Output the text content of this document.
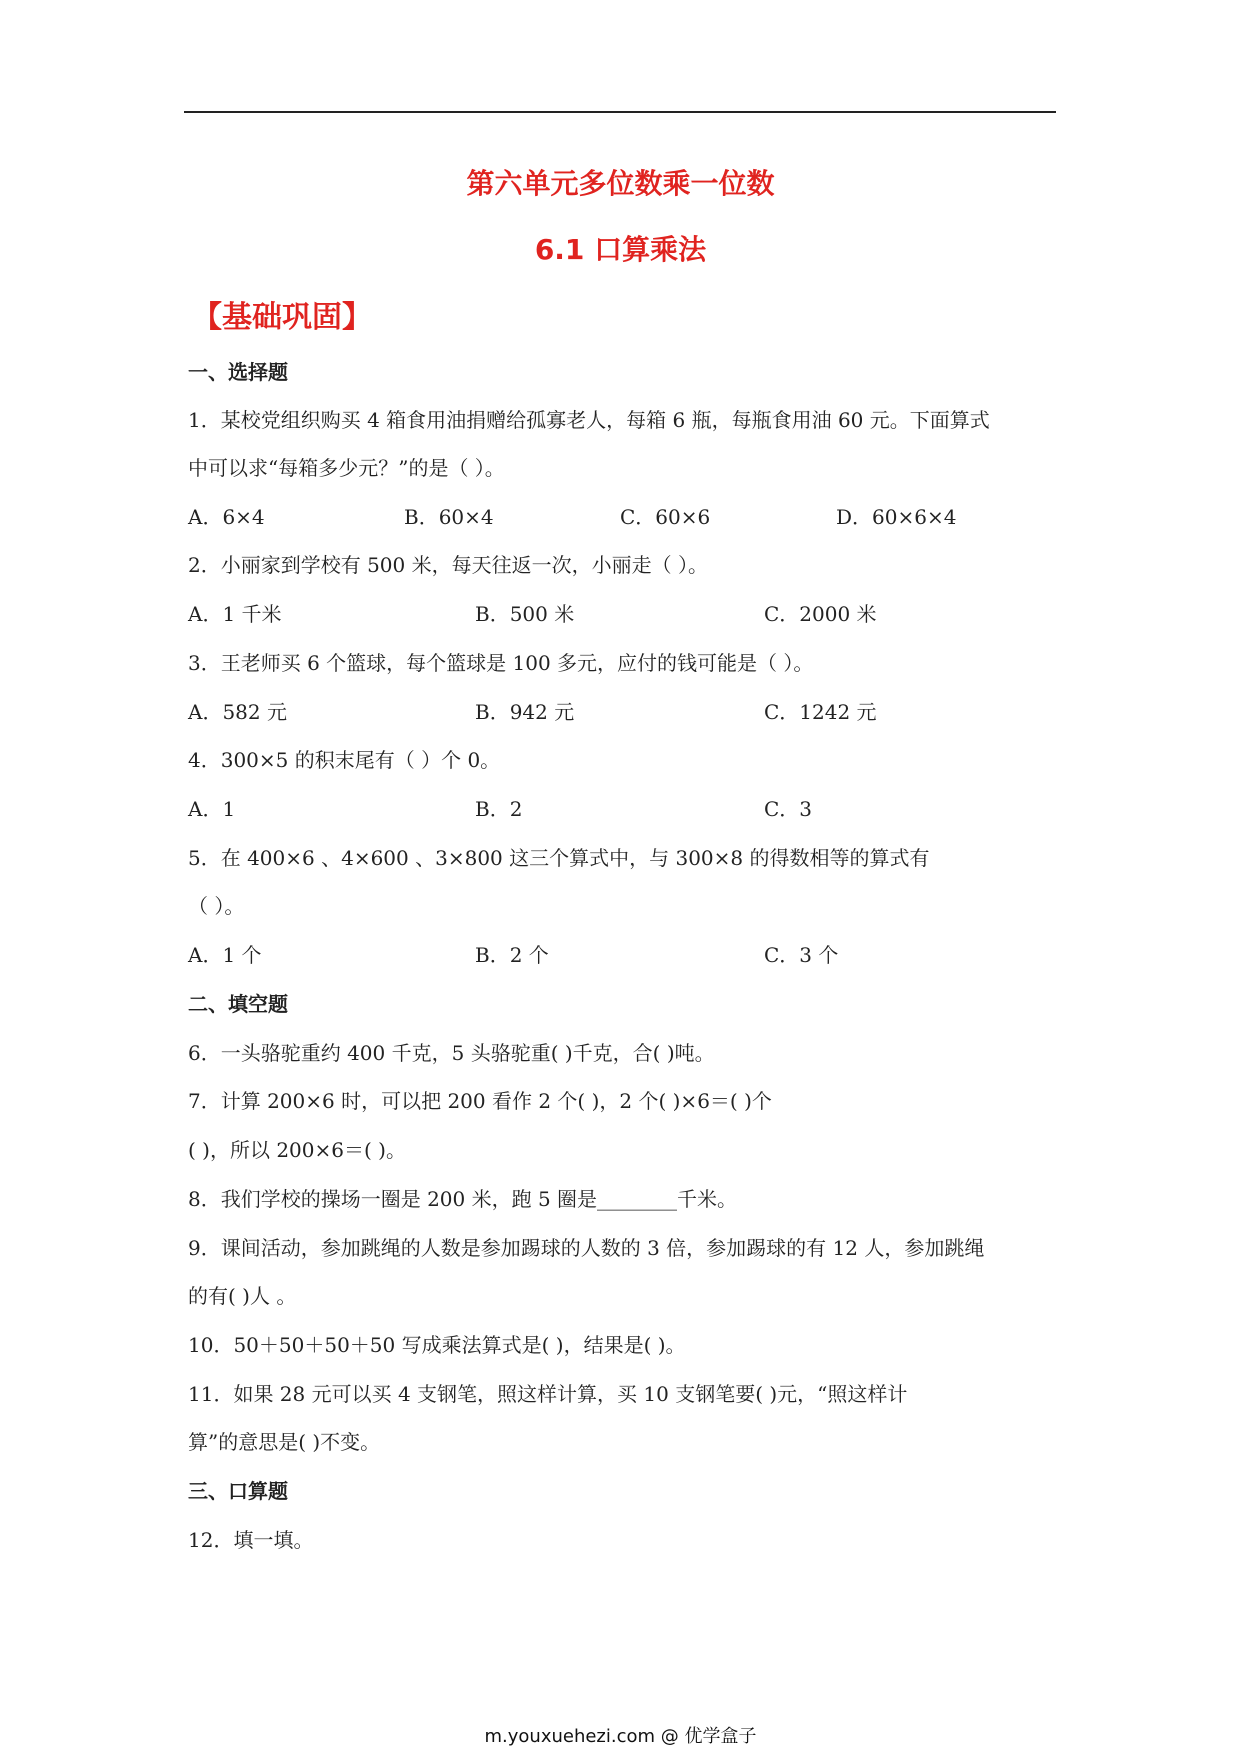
第六单元多位数乘一位数
6.1 口算乘法
【基础巩固】
一、选择题
1．某校党组织购买 4 箱食用油捐赠给孤寡老人，每箱 6 瓶，每瓶食用油 60 元。下面算式
中可以求“每箱多少元？”的是（ ）。
A．6×4	B．60×4	C．60×6	D．60×6×4
2．小丽家到学校有 500 米，每天往返一次，小丽走（ ）。
A．1 千米	B．500 米	C．2000 米
3．王老师买 6 个篮球，每个篮球是 100 多元，应付的钱可能是（ ）。
A．582 元	B．942 元	C．1242 元
4．300×5 的积末尾有（ ）个 0。
A．1	B．2	C．3
5．在 400×6 、4×600 、3×800 这三个算式中，与 300×8 的得数相等的算式有
（ ）。
A．1 个	B．2 个	C．3 个
二、填空题
6．一头骆驼重约 400 千克，5 头骆驼重( )千克，合( )吨。
7．计算 200×6 时，可以把 200 看作 2 个( )，2 个( )×6＝( )个
( )，所以 200×6＝( )。
8．我们学校的操场一圈是 200 米，跑 5 圈是________千米。
9．课间活动，参加跳绳的人数是参加踢球的人数的 3 倍，参加踢球的有 12 人，参加跳绳
的有( )人 。
10．50＋50＋50＋50 写成乘法算式是( )，结果是( )。
11．如果 28 元可以买 4 支钢笔，照这样计算，买 10 支钢笔要( )元，“照这样计
算”的意思是( )不变。
三、口算题
12．填一填。
m.youxuehezi.com @ 优学盒子
